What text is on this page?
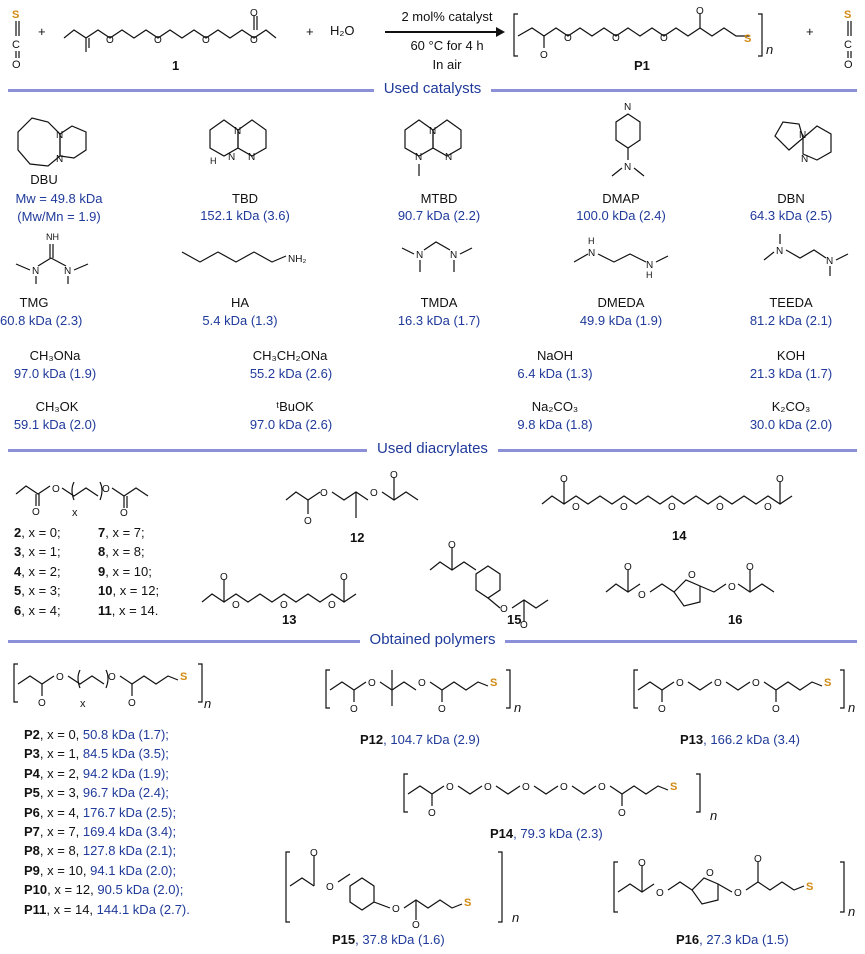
S
C
O
+
O	O	O	O
O
1
+ H₂O
2 mol% catalyst
60 °C for 4 h
In air
O
O	O	O
O
S
n
P1
+
S
C
O
Used catalysts
N
N
N
N
H	N
N
N N
N
N
N
N
DBU
Mw = 49.8 kDa
(Mw/Mn = 1.9)
TBD
152.1 kDa (3.6)
MTBD
90.7 kDa (2.2)
DMAP
100.0 kDa (2.4)
DBN
64.3 kDa (2.5)
NH
N N
NH₂	N	N	N
H
N
H
N
N
TMG
60.8 kDa (2.3)
HA
5.4 kDa (1.3)
TMDA
16.3 kDa (1.7)
DMEDA
49.9 kDa (1.9)
TEEDA
81.2 kDa (2.1)
CH₃ONa
97.0 kDa (1.9)
CH₃CH₂ONa
55.2 kDa (2.6)
NaOH
6.4 kDa (1.3)
KOH
21.3 kDa (1.7)
CH₃OK
59.1 kDa (2.0)
ᵗBuOK
97.0 kDa (2.6)
Na₂CO₃
9.8 kDa (1.8)
K₂CO₃
30.0 kDa (2.0)
Used diacrylates
O
O	O
O
x
2, x = 0;
3, x = 1;
4, x = 2;
5, x = 3;
6, x = 4;
7, x = 7;
8, x = 8;
9, x = 10;
10, x = 12;
11, x = 14.
O
O	O
O
12
O
O	O	O	O	O
O
14
O
O	O	O
O
13
O
O
O
15
O
O
O
O
O
16
Obtained polymers
O
O	O
O
S
x	n
P2, x = 0, 50.8 kDa (1.7);
P3, x = 1, 84.5 kDa (3.5);
P4, x = 2, 94.2 kDa (1.9);
P5, x = 3, 96.7 kDa (2.4);
P6, x = 4, 176.7 kDa (2.5);
P7, x = 7, 169.4 kDa (3.4);
P8, x = 8, 127.8 kDa (2.1);
P9, x = 10, 94.1 kDa (2.0);
P10, x = 12, 90.5 kDa (2.0);
P11, x = 14, 144.1 kDa (2.7).
O
O	O
O
S
n
P12, 104.7 kDa (2.9)
O
O	O	O
O
S
n
P13, 166.2 kDa (3.4)
O
O	O	O	O	O
O
S
n
P14, 79.3 kDa (2.3)
O
O
O
O
S
n
P15, 37.8 kDa (1.6)
O
O
O
O
O
S
n
P16, 27.3 kDa (1.5)
